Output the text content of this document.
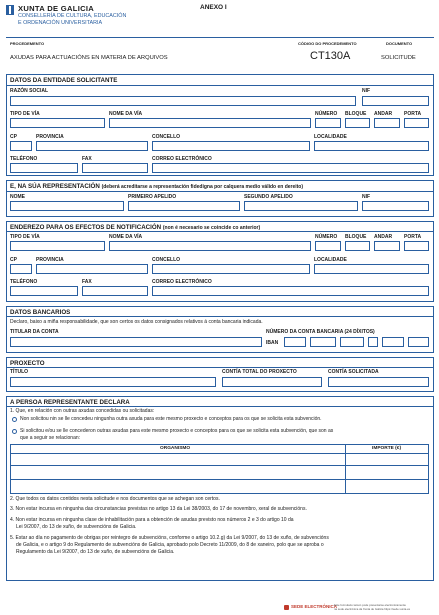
XUNTA DE GALICIA
CONSELLERÍA DE CULTURA, EDUCACIÓN
E ORDENACIÓN UNIVERSITARIA
ANEXO I
PROCEDEMENTO
AXUDAS PARA ACTUACIÓNS EN MATERIA DE ARQUIVOS
CÓDIGO DO PROCEDEMENTO
CT130A
DOCUMENTO
SOLICITUDE
DATOS DA ENTIDADE SOLICITANTE
RAZÓN SOCIAL	NIF
TIPO DE VÍA	NOME DA VÍA	NÚMERO BLOQUE ANDAR PORTA
CP	PROVINCIA	CONCELLO	LOCALIDADE
TELÉFONO	FAX	CORREO ELECTRÓNICO
E, NA SÚA REPRESENTACIÓN (deberá acreditarse a representación fidedigna por calquera medio válido en dereito)
NOME	PRIMEIRO APELIDO	SEGUNDO APELIDO	NIF
ENDEREZO PARA OS EFECTOS DE NOTIFICACIÓN (non é necesario se coincide co anterior)
TIPO DE VÍA	NOME DA VÍA	NÚMERO BLOQUE ANDAR PORTA
CP	PROVINCIA	CONCELLO	LOCALIDADE
TELÉFONO	FAX	CORREO ELECTRÓNICO
DATOS BANCARIOS
Declaro, baixo a miña responsabilidade, que son certos os datos consignados relativos á conta bancaria indicada.
TITULAR DA CONTA	NÚMERO DA CONTA BANCARIA (24 DÍXITOS)
IBAN
PROXECTO
TÍTULO	CONTÍA TOTAL DO PROXECTO	CONTÍA SOLICITADA
A PERSOA REPRESENTANTE DECLARA
1. Que, en relación con outras axudas concedidas ou solicitadas:
Non solicitou nin se lle concedeu ningunha outra axuda para este mesmo proxecto e conceptos para os que se solicita esta subvención.
Si solicitou e/ou se lle concederon outras axudas para este mesmo proxecto e conceptos para os que se solicita esta subvención, que son as
que a seguir se relacionan:
ORGANISMO	IMPORTE (€)
2. Que todos os datos contidos nesta solicitude e nos documentos que se achegan son certos.
3. Non estar incursa en ningunha das circunstancias previstas no artigo 13 da Lei 38/2003, do 17 de novembro, xeral de subvencións.
4. Non estar incursa en ningunha clase de inhabilitación para a obtención de axudas previsto nos números 2 e 3 do artigo 10 da
Lei 9/2007, do 13 de xuño, de subvencións de Galicia.
5. Estar ao día no pagamento de obrigas por reintegro de subvencións, conforme o artigo 10.2.g) da Lei 9/2007, do 13 de xuño, de subvencións
de Galicia, e o artigo 9 do Regulamento de subvencións de Galicia, aprobado polo Decreto 11/2009, do 8 de xaneiro, polo que se aproba o
Regulamento da Lei 9/2007, do 13 de xuño, de subvencións de Galicia.
SEDE ELECTRÓNICA
Este formulario tamén pode presentarse electronicamente
na sede electrónica da Xunta de Galicia https://sede.xunta.es
